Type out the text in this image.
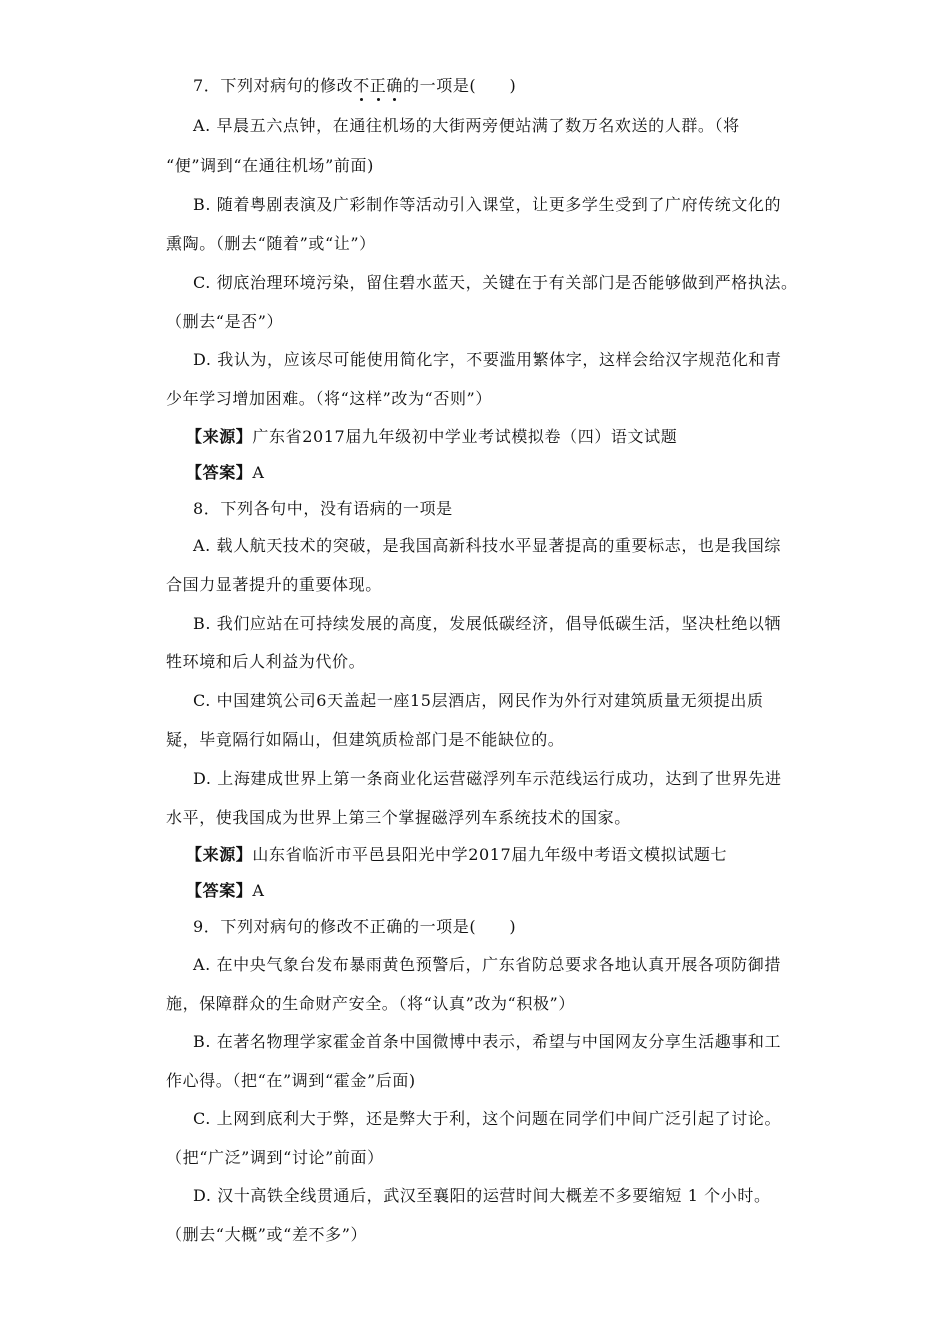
7．下列对病句的修改不正确的一项是(　　)
A. 早晨五六点钟，在通往机场的大街两旁便站满了数万名欢送的人群。（将
“便”调到“在通往机场”前面)
B. 随着粤剧表演及广彩制作等活动引入课堂，让更多学生受到了广府传统文化的
熏陶。（删去“随着”或“让”）
C. 彻底治理环境污染，留住碧水蓝天，关键在于有关部门是否能够做到严格执法。
（删去“是否”）
D. 我认为，应该尽可能使用简化字，不要滥用繁体字，这样会给汉字规范化和青
少年学习增加困难。（将“这样”改为“否则”）
【来源】广东省2017届九年级初中学业考试模拟卷（四）语文试题
【答案】A
8．下列各句中，没有语病的一项是
A. 载人航天技术的突破，是我国高新科技水平显著提高的重要标志，也是我国综
合国力显著提升的重要体现。
B. 我们应站在可持续发展的高度，发展低碳经济，倡导低碳生活，坚决杜绝以牺
牲环境和后人利益为代价。
C. 中国建筑公司6天盖起一座15层酒店，网民作为外行对建筑质量无须提出质
疑，毕竟隔行如隔山，但建筑质检部门是不能缺位的。
D. 上海建成世界上第一条商业化运营磁浮列车示范线运行成功，达到了世界先进
水平，使我国成为世界上第三个掌握磁浮列车系统技术的国家。
【来源】山东省临沂市平邑县阳光中学2017届九年级中考语文模拟试题七
【答案】A
9．下列对病句的修改不正确的一项是(　　)
A. 在中央气象台发布暴雨黄色预警后，广东省防总要求各地认真开展各项防御措
施，保障群众的生命财产安全。（将“认真”改为“积极”）
B. 在著名物理学家霍金首条中国微博中表示，希望与中国网友分享生活趣事和工
作心得。（把“在”调到“霍金”后面)
C. 上网到底利大于弊，还是弊大于利，这个问题在同学们中间广泛引起了讨论。
（把“广泛”调到“讨论”前面）
D. 汉十高铁全线贯通后，武汉至襄阳的运营时间大概差不多要缩短 1 个小时。
（删去“大概”或“差不多”）
